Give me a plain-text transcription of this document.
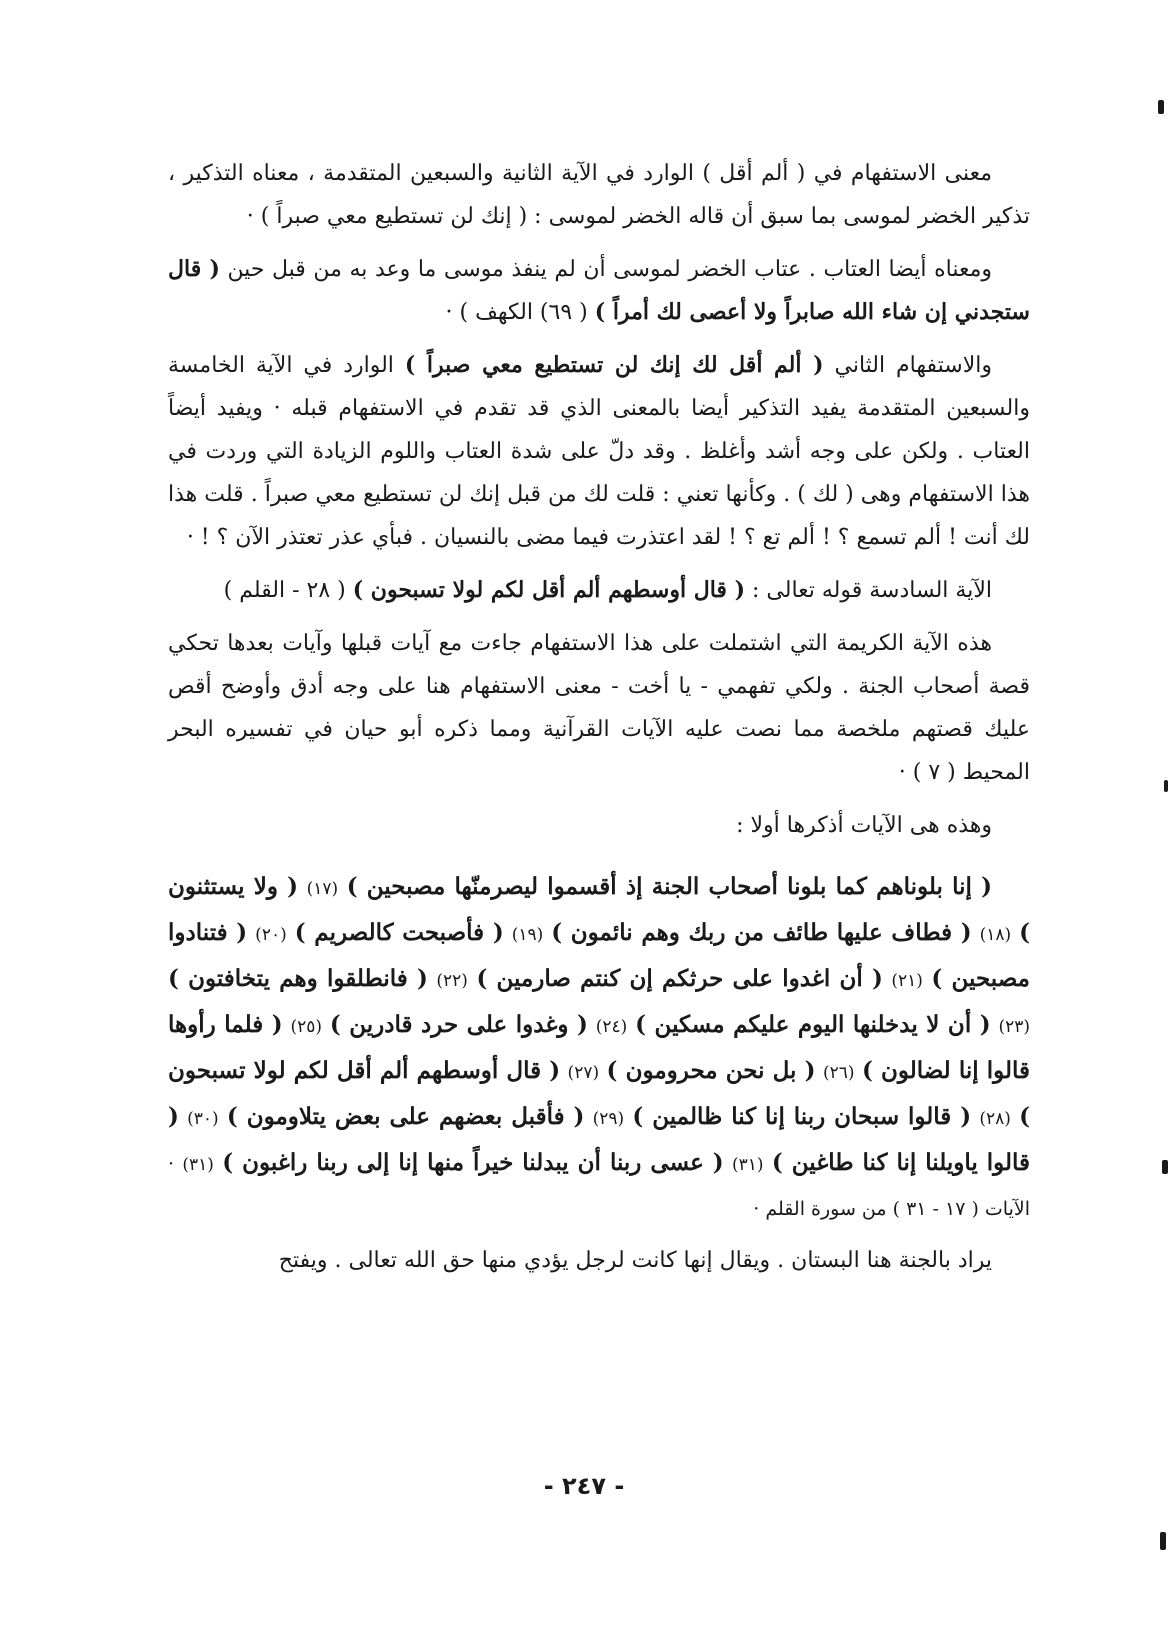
معنى الاستفهام في ( ألم أقل ) الوارد في الآية الثانية والسبعين المتقدمة ، معناه التذكير ، تذكير الخضر لموسى بما سبق أن قاله الخضر لموسى : ( إنك لن تستطيع معي صبراً ) ·

ومعناه أيضا العتاب . عتاب الخضر لموسى أن لم ينفذ موسى ما وعد به من قبل حين ( قال ستجدني إن شاء الله صابراً ولا أعصى لك أمراً ) ( ٦٩) الكهف ) ·

والاستفهام الثاني ( ألم أقل لك إنك لن تستطيع معي صبراً ) الوارد في الآية الخامسة والسبعين المتقدمة يفيد التذكير أيضا بالمعنى الذي قد تقدم في الاستفهام قبله · ويفيد أيضاً العتاب . ولكن على وجه أشد وأغلظ . وقد دلّ على شدة العتاب واللوم الزيادة التي وردت في هذا الاستفهام وهى ( لك ) . وكأنها تعني : قلت لك من قبل إنك لن تستطيع معي صبراً . قلت هذا لك أنت ! ألم تسمع ؟ ! ألم تع ؟ ! لقد اعتذرت فيما مضى بالنسيان . فبأي عذر تعتذر الآن ؟ ! ·

الآية السادسة قوله تعالى : ( قال أوسطهم ألم أقل لكم لولا تسبحون ) ( ٢٨ - القلم )

هذه الآية الكريمة التي اشتملت على هذا الاستفهام جاءت مع آيات قبلها وآيات بعدها تحكي قصة أصحاب الجنة . ولكي تفهمي - يا أخت - معنى الاستفهام هنا على وجه أدق وأوضح أقص عليك قصتهم ملخصة مما نصت عليه الآيات القرآنية ومما ذكره أبو حيان في تفسيره البحر المحيط ( ٧ ) ·

وهذه هى الآيات أذكرها أولا :

( إنا بلوناهم كما بلونا أصحاب الجنة إذ أقسموا ليصرمنّها مصبحين ) (١٧) ( ولا يستثنون ) (١٨) ( فطاف عليها طائف من ربك وهم نائمون ) (١٩) ( فأصبحت كالصريم ) (٢٠) ( فتنادوا مصبحين ) (٢١) ( أن اغدوا على حرثكم إن كنتم صارمين ) (٢٢) ( فانطلقوا وهم يتخافتون ) (٢٣) ( أن لا يدخلنها اليوم عليكم مسكين ) (٢٤) ( وغدوا على حرد قادرين ) (٢٥) ( فلما رأوها قالوا إنا لضالون ) (٢٦) ( بل نحن محرومون ) (٢٧) ( قال أوسطهم ألم أقل لكم لولا تسبحون ) (٢٨) ( قالوا سبحان ربنا إنا كنا ظالمين ) (٢٩) ( فأقبل بعضهم على بعض يتلاومون ) (٣٠) ( قالوا ياويلنا إنا كنا طاغين ) (٣١) ( عسى ربنا أن يبدلنا خيراً منها إنا إلى ربنا راغبون ) (٣١) · الآيات ( ١٧ - ٣١ ) من سورة القلم ·

يراد بالجنة هنا البستان . ويقال إنها كانت لرجل يؤدي منها حق الله تعالى . ويفتح

- ٢٤٧ -
